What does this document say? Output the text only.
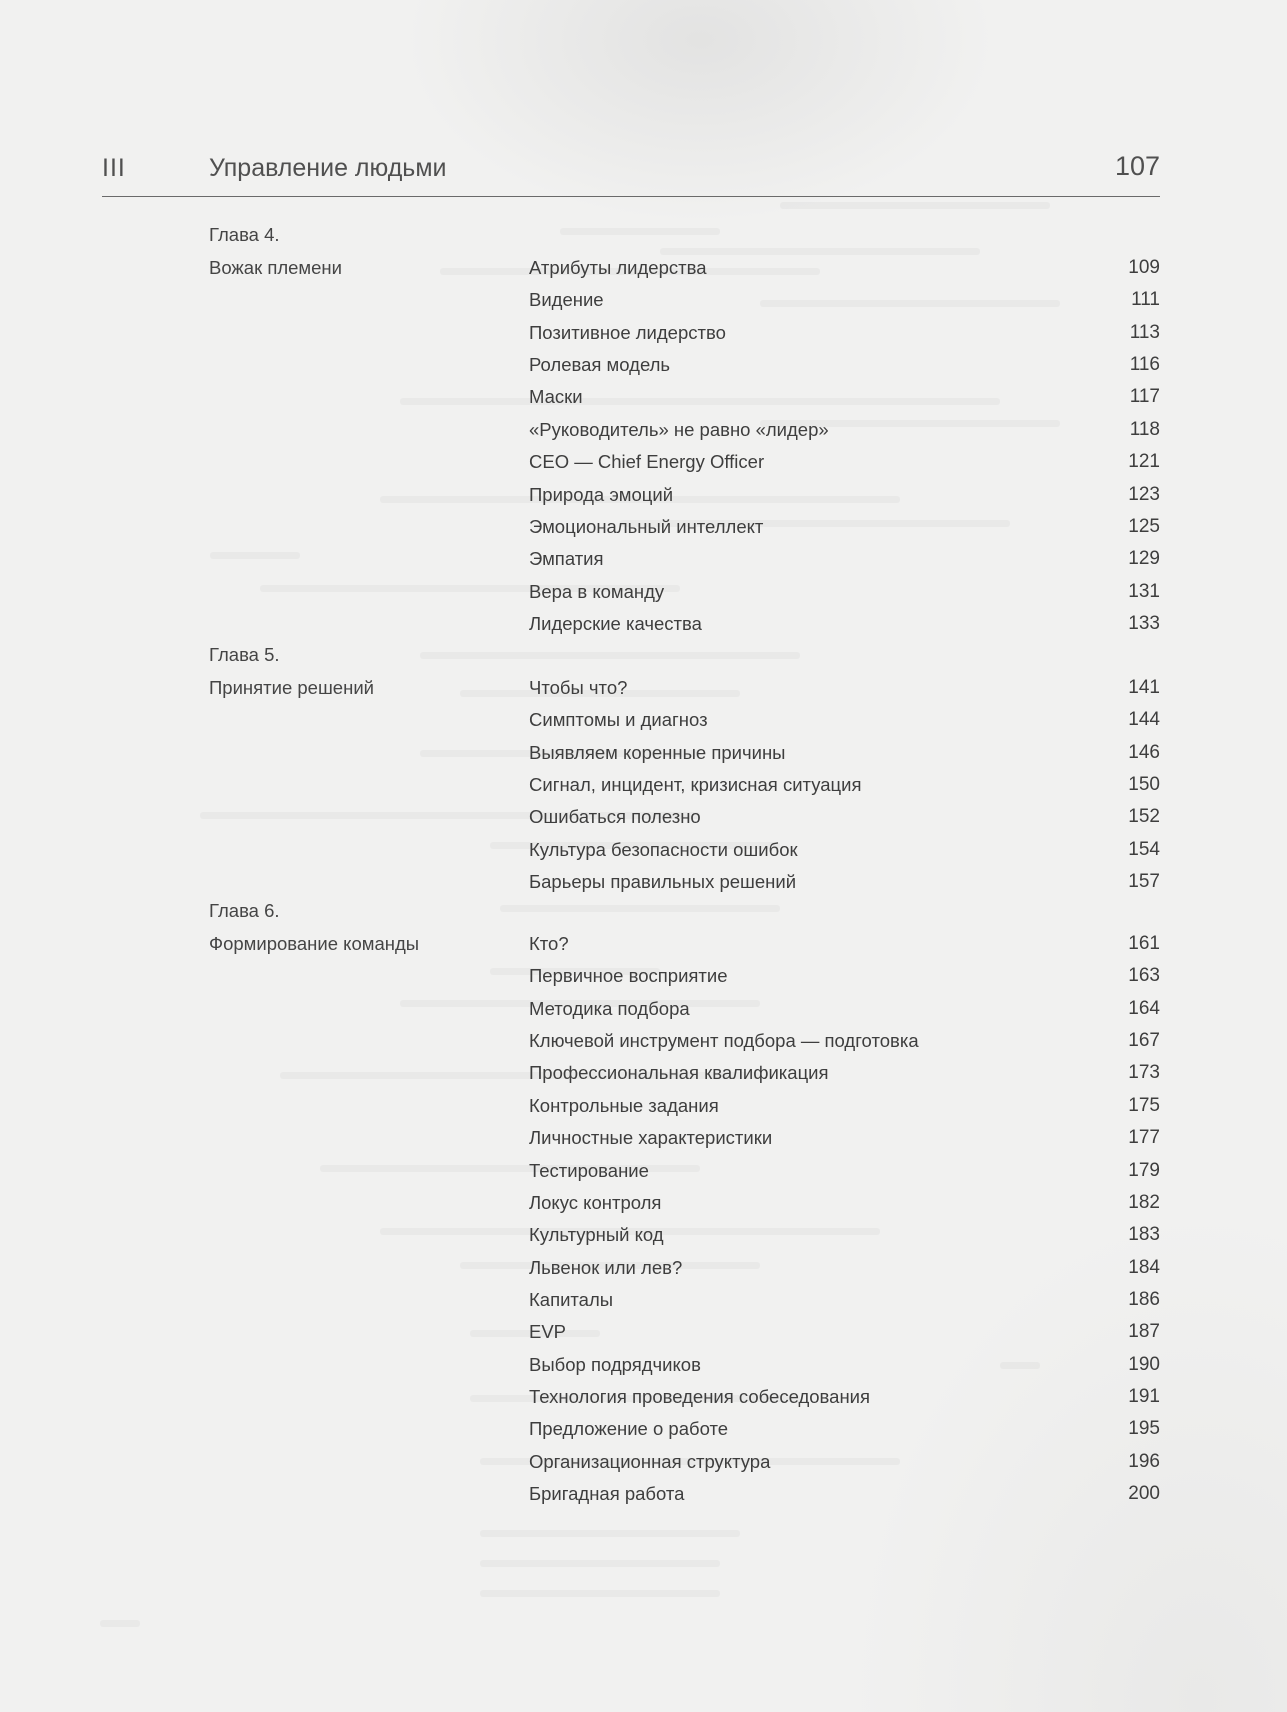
III	Управление людьми	107
Глава 4.
Вожак племени	Атрибуты лидерства	109
Видение	111
Позитивное лидерство	113
Ролевая модель	116
Маски	117
«Руководитель» не равно «лидер»	118
CEO — Chief Energy Officer	121
Природа эмоций	123
Эмоциональный интеллект	125
Эмпатия	129
Вера в команду	131
Лидерские качества	133
Глава 5.
Принятие решений	Чтобы что?	141
Симптомы и диагноз	144
Выявляем коренные причины	146
Сигнал, инцидент, кризисная ситуация	150
Ошибаться полезно	152
Культура безопасности ошибок	154
Барьеры правильных решений	157
Глава 6.
Формирование команды	Кто?	161
Первичное восприятие	163
Методика подбора	164
Ключевой инструмент подбора — подготовка	167
Профессиональная квалификация	173
Контрольные задания	175
Личностные характеристики	177
Тестирование	179
Локус контроля	182
Культурный код	183
Львенок или лев?	184
Капиталы	186
EVP	187
Выбор подрядчиков	190
Технология проведения собеседования	191
Предложение о работе	195
Организационная структура	196
Бригадная работа	200
